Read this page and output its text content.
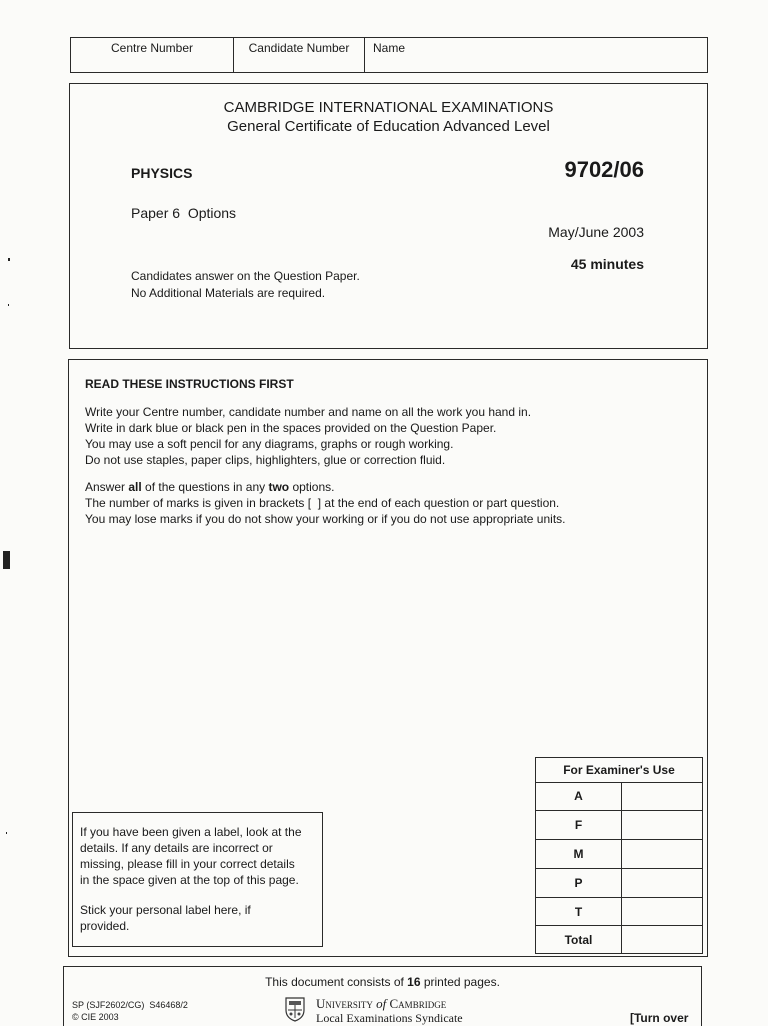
Centre Number	Candidate Number	Name
CAMBRIDGE INTERNATIONAL EXAMINATIONS
General Certificate of Education Advanced Level
PHYSICS	9702/06
Paper 6  Options
May/June 2003
45 minutes
Candidates answer on the Question Paper.
No Additional Materials are required.
READ THESE INSTRUCTIONS FIRST
Write your Centre number, candidate number and name on all the work you hand in.
Write in dark blue or black pen in the spaces provided on the Question Paper.
You may use a soft pencil for any diagrams, graphs or rough working.
Do not use staples, paper clips, highlighters, glue or correction fluid.
Answer all of the questions in any two options.
The number of marks is given in brackets [  ] at the end of each question or part question.
You may lose marks if you do not show your working or if you do not use appropriate units.
If you have been given a label, look at the
details. If any details are incorrect or
missing, please fill in your correct details
in the space given at the top of this page.
Stick your personal label here, if
provided.
For Examiner's Use
A
F
M
P
T
Total
This document consists of 16 printed pages.
SP (SJF2602/CG)  S46468/2
© CIE 2003
University of Cambridge
Local Examinations Syndicate	[Turn over
